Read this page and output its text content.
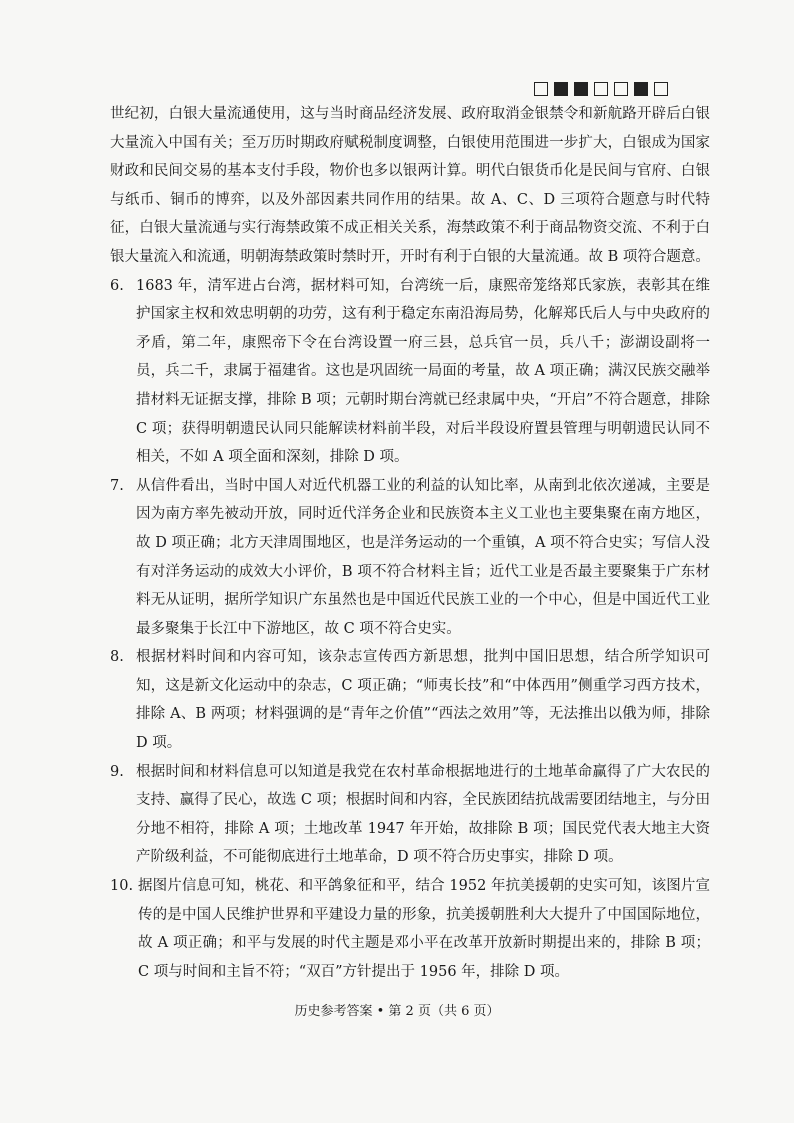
世纪初，白银大量流通使用，这与当时商品经济发展、政府取消金银禁令和新航路开辟后白银大量流入中国有关；至万历时期政府赋税制度调整，白银使用范围进一步扩大，白银成为国家财政和民间交易的基本支付手段，物价也多以银两计算。明代白银货币化是民间与官府、白银与纸币、铜币的博弈，以及外部因素共同作用的结果。故 A、C、D 三项符合题意与时代特征，白银大量流通与实行海禁政策不成正相关关系，海禁政策不利于商品物资交流、不利于白银大量流入和流通，明朝海禁政策时禁时开，开时有利于白银的大量流通。故 B 项符合题意。

6. 1683 年，清军进占台湾，据材料可知，台湾统一后，康熙帝笼络郑氏家族，表彰其在维护国家主权和效忠明朝的功劳，这有利于稳定东南沿海局势，化解郑氏后人与中央政府的矛盾，第二年，康熙帝下令在台湾设置一府三县，总兵官一员，兵八千；澎湖设副将一员，兵二千，隶属于福建省。这也是巩固统一局面的考量，故 A 项正确；满汉民族交融举措材料无证据支撑，排除 B 项；元朝时期台湾就已经隶属中央，“开启”不符合题意，排除 C 项；获得明朝遗民认同只能解读材料前半段，对后半段设府置县管理与明朝遗民认同不相关，不如 A 项全面和深刻，排除 D 项。
7. 从信件看出，当时中国人对近代机器工业的利益的认知比率，从南到北依次递减，主要是因为南方率先被动开放，同时近代洋务企业和民族资本主义工业也主要集聚在南方地区，故 D 项正确；北方天津周围地区，也是洋务运动的一个重镇，A 项不符合史实；写信人没有对洋务运动的成效大小评价，B 项不符合材料主旨；近代工业是否最主要聚集于广东材料无从证明，据所学知识广东虽然也是中国近代民族工业的一个中心，但是中国近代工业最多聚集于长江中下游地区，故 C 项不符合史实。
8. 根据材料时间和内容可知，该杂志宣传西方新思想，批判中国旧思想，结合所学知识可知，这是新文化运动中的杂志，C 项正确；“师夷长技”和“中体西用”侧重学习西方技术，排除 A、B 两项；材料强调的是“青年之价值”“西法之效用”等，无法推出以俄为师，排除 D 项。
9. 根据时间和材料信息可以知道是我党在农村革命根据地进行的土地革命赢得了广大农民的支持、赢得了民心，故选 C 项；根据时间和内容，全民族团结抗战需要团结地主，与分田分地不相符，排除 A 项；土地改革 1947 年开始，故排除 B 项；国民党代表大地主大资产阶级利益，不可能彻底进行土地革命，D 项不符合历史事实，排除 D 项。
10. 据图片信息可知，桃花、和平鸽象征和平，结合 1952 年抗美援朝的史实可知，该图片宣传的是中国人民维护世界和平建设力量的形象，抗美援朝胜利大大提升了中国国际地位，故 A 项正确；和平与发展的时代主题是邓小平在改革开放新时期提出来的，排除 B 项；C 项与时间和主旨不符；“双百”方针提出于 1956 年，排除 D 项。
历史参考答案 • 第 2 页（共 6 页）
